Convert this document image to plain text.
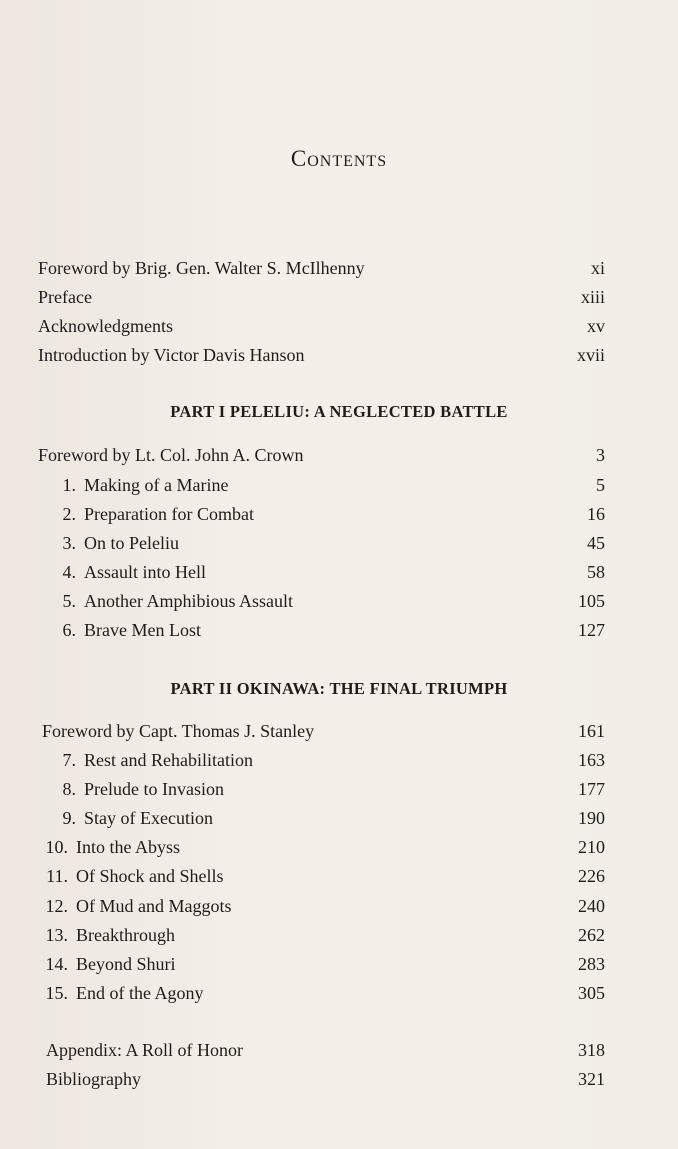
Contents
Foreword by Brig. Gen. Walter S. McIlhenny	xi
Preface	xiii
Acknowledgments	xv
Introduction by Victor Davis Hanson	xvii
PART I PELELIU: A NEGLECTED BATTLE
Foreword by Lt. Col. John A. Crown	3
1. Making of a Marine	5
2. Preparation for Combat	16
3. On to Peleliu	45
4. Assault into Hell	58
5. Another Amphibious Assault	105
6. Brave Men Lost	127
PART II OKINAWA: THE FINAL TRIUMPH
Foreword by Capt. Thomas J. Stanley	161
7. Rest and Rehabilitation	163
8. Prelude to Invasion	177
9. Stay of Execution	190
10. Into the Abyss	210
11. Of Shock and Shells	226
12. Of Mud and Maggots	240
13. Breakthrough	262
14. Beyond Shuri	283
15. End of the Agony	305
Appendix: A Roll of Honor	318
Bibliography	321
